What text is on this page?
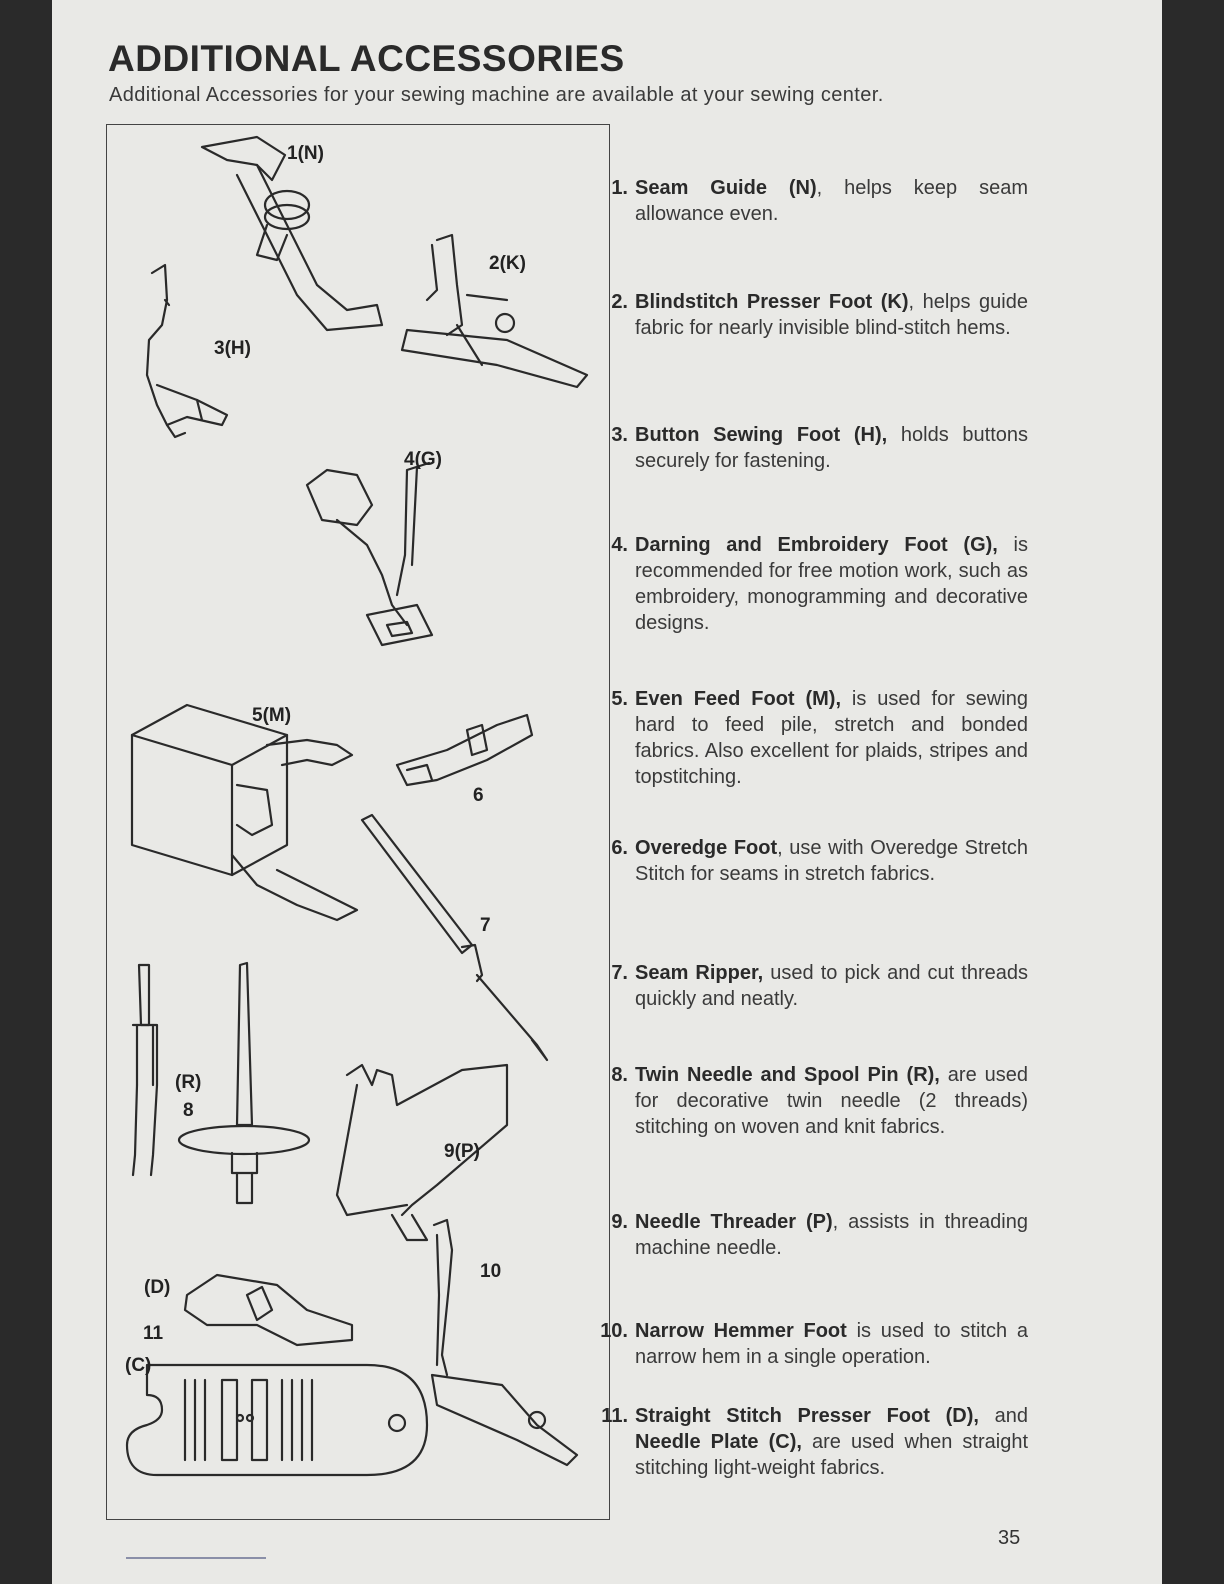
ADDITIONAL ACCESSORIES

Additional Accessories for your sewing machine are available at your sewing center.

1(N)
2(K)
3(H)
4(G)
5(M)
6
7
(R)
8
9(P)
10
(D)
11
(C)
1. Seam Guide (N), helps keep seam allowance even.
2. Blindstitch Presser Foot (K), helps guide fabric for nearly invisible blind-stitch hems.
3. Button Sewing Foot (H), holds buttons securely for fastening.
4. Darning and Embroidery Foot (G), is recommended for free motion work, such as embroidery, monogramming and decorative designs.
5. Even Feed Foot (M), is used for sewing hard to feed pile, stretch and bonded fabrics. Also excellent for plaids, stripes and topstitching.
6. Overedge Foot, use with Overedge Stretch Stitch for seams in stretch fabrics.
7. Seam Ripper, used to pick and cut threads quickly and neatly.
8. Twin Needle and Spool Pin (R), are used for decorative twin needle (2 threads) stitching on woven and knit fabrics.
9. Needle Threader (P), assists in threading machine needle.
10. Narrow Hemmer Foot is used to stitch a narrow hem in a single operation.
11. Straight Stitch Presser Foot (D), and Needle Plate (C), are used when straight stitching light-weight fabrics.
35
